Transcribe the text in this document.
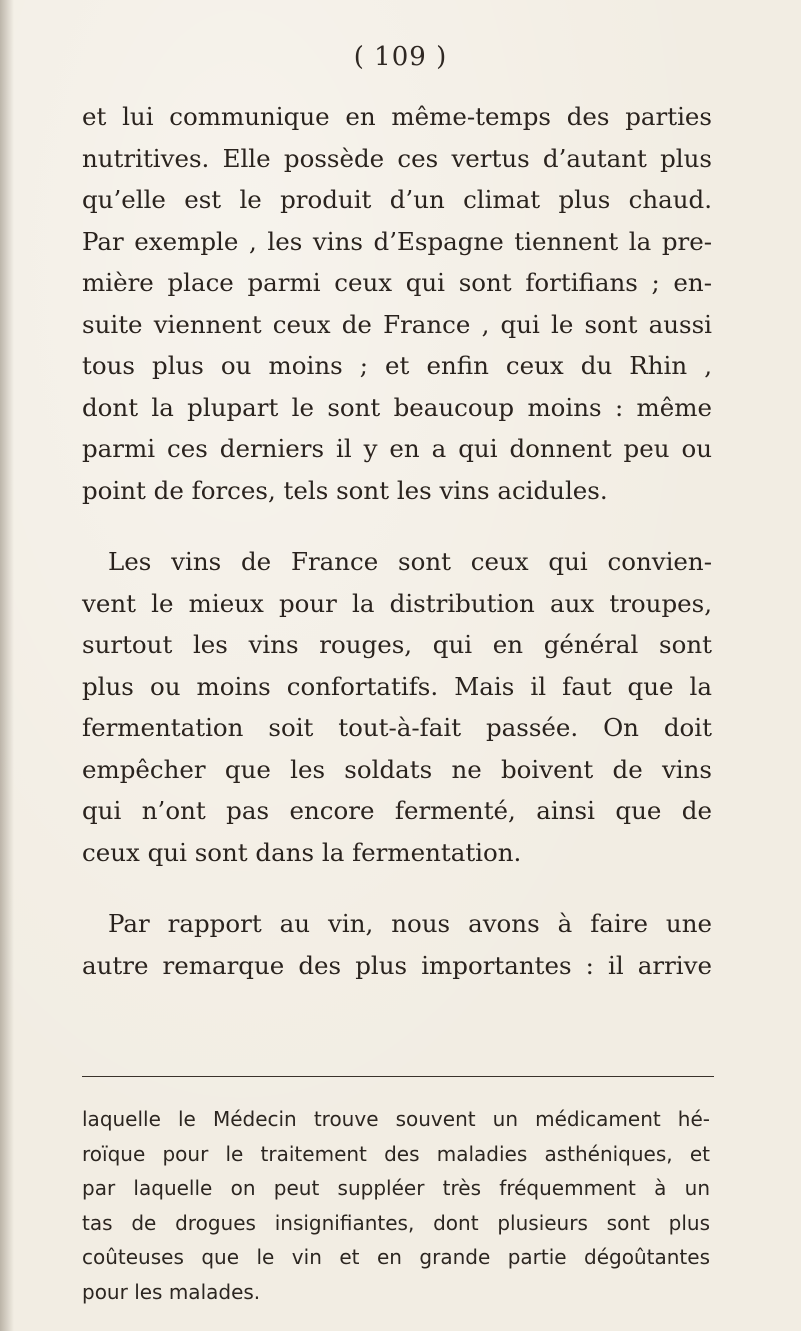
( 109 )
et lui communique en même-temps des parties
nutritives. Elle possède ces vertus d’autant plus
qu’elle est le produit d’un climat plus chaud.
Par exemple , les vins d’Espagne tiennent la pre-
mière place parmi ceux qui sont fortifians ; en-
suite viennent ceux de France , qui le sont aussi
tous plus ou moins ; et enfin ceux du Rhin ,
dont la plupart le sont beaucoup moins : même
parmi ces derniers il y en a qui donnent peu ou
point de forces, tels sont les vins acidules.
Les vins de France sont ceux qui convien-
vent le mieux pour la distribution aux troupes,
surtout les vins rouges, qui en général sont
plus ou moins confortatifs. Mais il faut que la
fermentation soit tout-à-fait passée. On doit
empêcher que les soldats ne boivent de vins
qui n’ont pas encore fermenté, ainsi que de
ceux qui sont dans la fermentation.
Par rapport au vin, nous avons à faire une
autre remarque des plus importantes : il arrive
laquelle le Médecin trouve souvent un médicament hé-
roïque pour le traitement des maladies asthéniques, et
par laquelle on peut suppléer très fréquemment à un
tas de drogues insignifiantes, dont plusieurs sont plus
coûteuses que le vin et en grande partie dégoûtantes
pour les malades.
